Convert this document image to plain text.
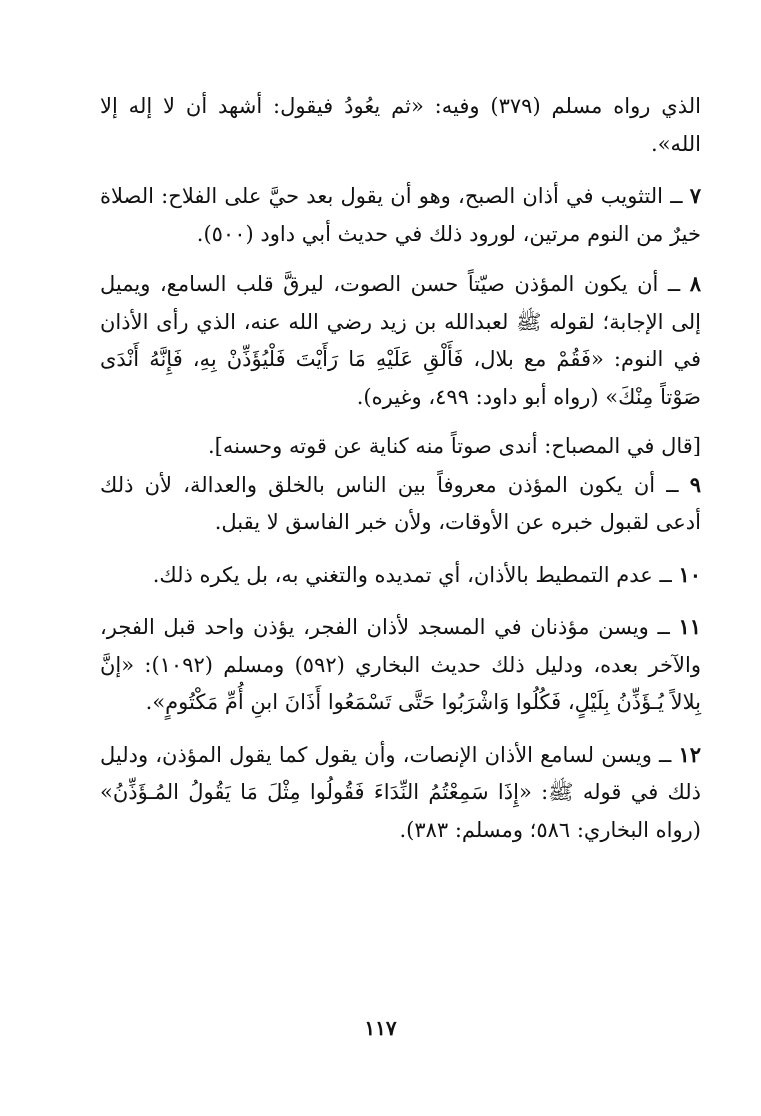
الذي رواه مسلم (٣٧٩) وفيه: «ثم يعُودُ فيقول: أشهد أن لا إله إلا الله».

٧ ــ التثويب في أذان الصبح، وهو أن يقول بعد حيَّ على الفلاح: الصلاة خيرٌ من النوم مرتين، لورود ذلك في حديث أبي داود (٥٠٠).

٨ ــ أن يكون المؤذن صيّتاً حسن الصوت، ليرقَّ قلب السامع، ويميل إلى الإجابة؛ لقوله ﷺ لعبدالله بن زيد رضي الله عنه، الذي رأى الأذان في النوم: «فَقُمْ مع بلال، فَأَلْقِ عَلَيْهِ مَا رَأَيْتَ فَلْيُؤَذِّنْ بِهِ، فَإِنَّهُ أَنْدَى صَوْتاً مِنْكَ» (رواه أبو داود: ٤٩٩، وغيره).

[قال في المصباح: أندى صوتاً منه كناية عن قوته وحسنه].

٩ ــ أن يكون المؤذن معروفاً بين الناس بالخلق والعدالة، لأن ذلك أدعى لقبول خبره عن الأوقات، ولأن خبر الفاسق لا يقبل.

١٠ ــ عدم التمطيط بالأذان، أي تمديده والتغني به، بل يكره ذلك.

١١ ــ ويسن مؤذنان في المسجد لأذان الفجر، يؤذن واحد قبل الفجر، والآخر بعده، ودليل ذلك حديث البخاري (٥٩٢) ومسلم (١٠٩٢): «إنَّ بِلالاً يُـؤَذِّنُ بِلَيْلٍ، فَكُلُوا وَاشْرَبُوا حَتَّى تَسْمَعُوا أَذَانَ ابنِ أُمِّ مَكْتُومٍ».

١٢ ــ ويسن لسامع الأذان الإنصات، وأن يقول كما يقول المؤذن، ودليل ذلك في قوله ﷺ: «إِذَا سَمِعْتُمُ النِّدَاءَ فَقُولُوا مِثْلَ مَا يَقُولُ المُـؤَذِّنُ» (رواه البخاري: ٥٨٦؛ ومسلم: ٣٨٣).

١١٧
